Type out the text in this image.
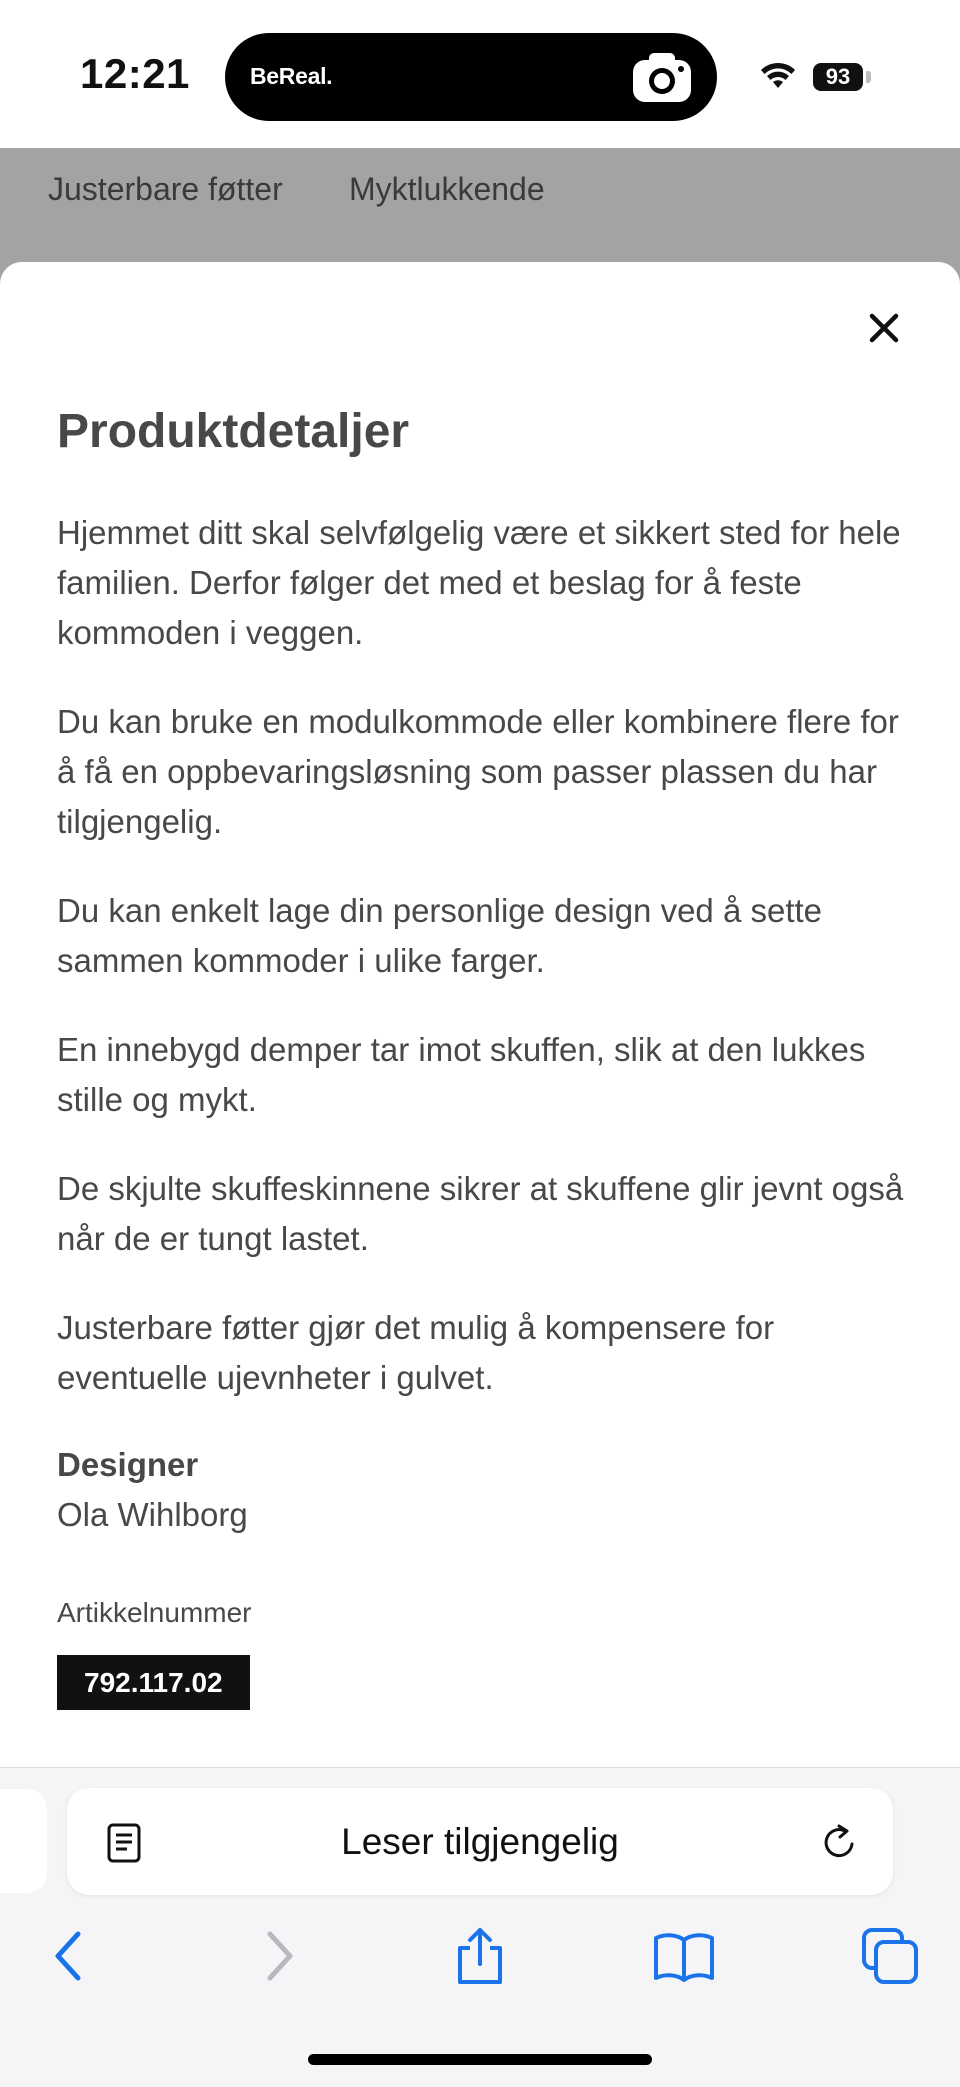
12:21	BeReal.	93
Justerbare føtter Myktlukkende
Produktdetaljer

Hjemmet ditt skal selvfølgelig være et sikkert sted for hele familien. Derfor følger det med et beslag for å feste kommoden i veggen.

Du kan bruke en modulkommode eller kombinere flere for å få en oppbevaringsløsning som passer plassen du har tilgjengelig.

Du kan enkelt lage din personlige design ved å sette sammen kommoder i ulike farger.

En innebygd demper tar imot skuffen, slik at den lukkes stille og mykt.

De skjulte skuffeskinnene sikrer at skuffene glir jevnt også når de er tungt lastet.

Justerbare føtter gjør det mulig å kompensere for eventuelle ujevnheter i gulvet.

Designer
Ola Wihlborg
Artikkelnummer
792.117.02
Leser tilgjengelig
